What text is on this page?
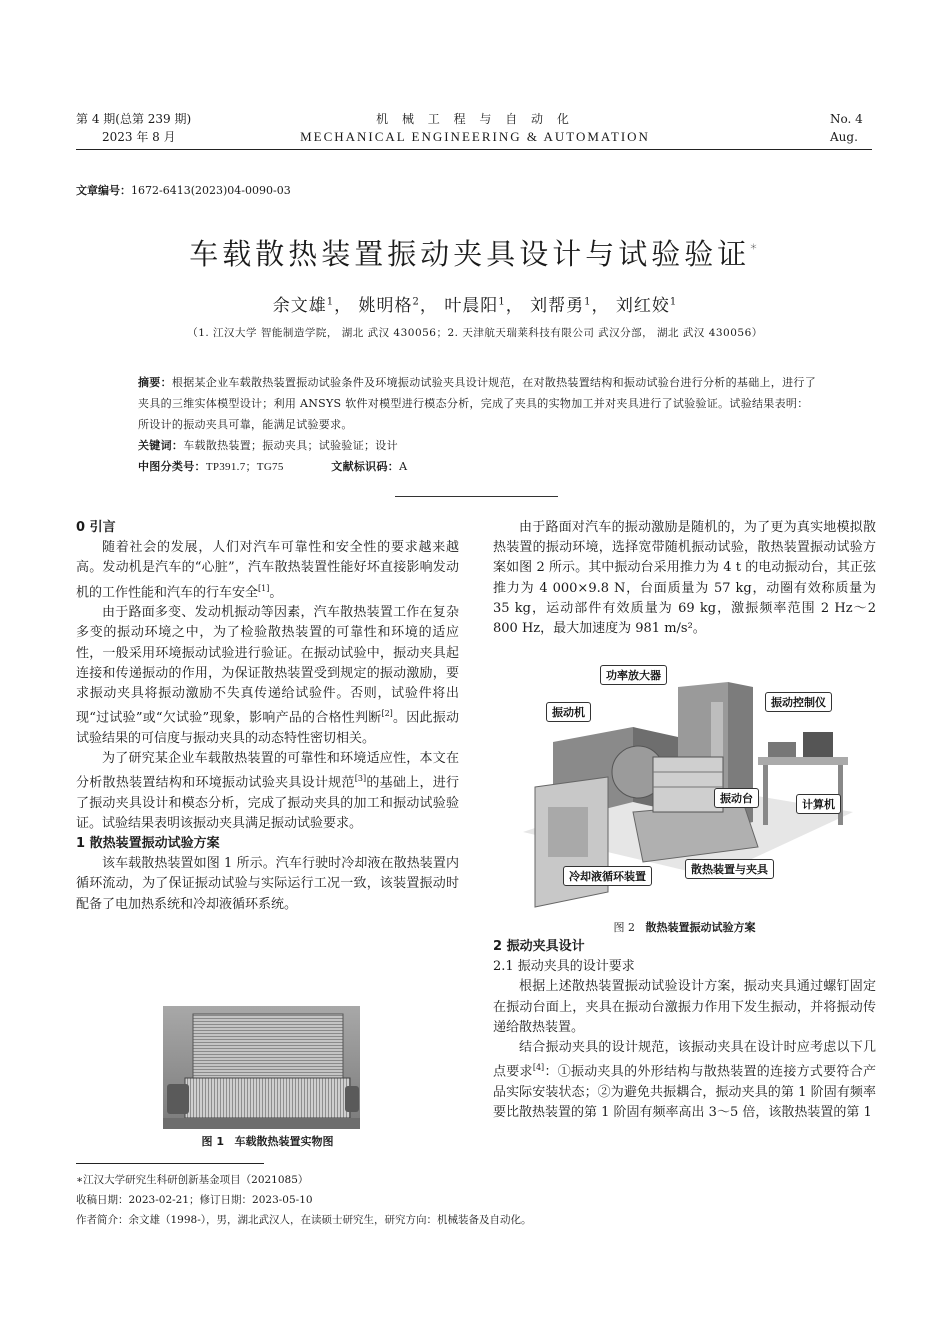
第 4 期(总第 239 期)
2023 年 8 月
机 械 工 程 与 自 动 化
MECHANICAL ENGINEERING & AUTOMATION
No. 4
Aug.
文章编号：1672-6413(2023)04-0090-03
车载散热装置振动夹具设计与试验验证*
余文雄$^1$， 姚明格$^2$， 叶晨阳$^1$， 刘帮勇$^1$， 刘红姣$^1$
（1. 江汉大学 智能制造学院， 湖北 武汉 430056；2. 天津航天瑞莱科技有限公司 武汉分部， 湖北 武汉 430056）
摘要：根据某企业车载散热装置振动试验条件及环境振动试验夹具设计规范，在对散热装置结构和振动试验台进行分析的基础上，进行了夹具的三维实体模型设计；利用 ANSYS 软件对模型进行模态分析，完成了夹具的实物加工并对夹具进行了试验验证。试验结果表明：所设计的振动夹具可靠，能满足试验要求。
关键词：车载散热装置；振动夹具；试验验证；设计
中图分类号：TP391.7；TG75	文献标识码：A
0 引言

随着社会的发展，人们对汽车可靠性和安全性的要求越来越高。发动机是汽车的“心脏”，汽车散热装置性能好坏直接影响发动机的工作性能和汽车的行车安全[1]。

由于路面多变、发动机振动等因素，汽车散热装置工作在复杂多变的振动环境之中，为了检验散热装置的可靠性和环境的适应性，一般采用环境振动试验进行验证。在振动试验中，振动夹具起连接和传递振动的作用，为保证散热装置受到规定的振动激励，要求振动夹具将振动激励不失真传递给试验件。否则，试验件将出现“过试验”或“欠试验”现象，影响产品的合格性判断[2]。因此振动试验结果的可信度与振动夹具的动态特性密切相关。

为了研究某企业车载散热装置的可靠性和环境适应性，本文在分析散热装置结构和环境振动试验夹具设计规范[3]的基础上，进行了振动夹具设计和模态分析，完成了振动夹具的加工和振动试验验证。试验结果表明该振动夹具满足振动试验要求。

1 散热装置振动试验方案

该车载散热装置如图 1 所示。汽车行驶时冷却液在散热装置内循环流动，为了保证振动试验与实际运行工况一致，该装置振动时配备了电加热系统和冷却液循环系统。

图 1 车载散热装置实物图

由于路面对汽车的振动激励是随机的，为了更为真实地模拟散热装置的振动环境，选择宽带随机振动试验，散热装置振动试验方案如图 2 所示。其中振动台采用推力为 4 t 的电动振动台，其正弦推力为 4 000×9.8 N，台面质量为 57 kg，动圈有效称质量为 35 kg，运动部件有效质量为 69 kg，激振频率范围 2 Hz～2 800 Hz，最大加速度为 981 m/s²。

功率放大器
振动机
振动控制仪
振动台	计算机
散热装置与夹具
冷却液循环装置
图 2 散热装置振动试验方案
2 振动夹具设计
2.1 振动夹具的设计要求

根据上述散热装置振动试验设计方案，振动夹具通过螺钉固定在振动台面上，夹具在振动台激振力作用下发生振动，并将振动传递给散热装置。

结合振动夹具的设计规范，该振动夹具在设计时应考虑以下几点要求[4]：①振动夹具的外形结构与散热装置的连接方式要符合产品实际安装状态；②为避免共振耦合，振动夹具的第 1 阶固有频率要比散热装置的第 1 阶固有频率高出 3～5 倍，该散热装置的第 1

∗江汉大学研究生科研创新基金项目（2021085）
收稿日期：2023-02-21；修订日期：2023-05-10
作者简介：余文雄（1998-），男，湖北武汉人，在读硕士研究生，研究方向：机械装备及自动化。
